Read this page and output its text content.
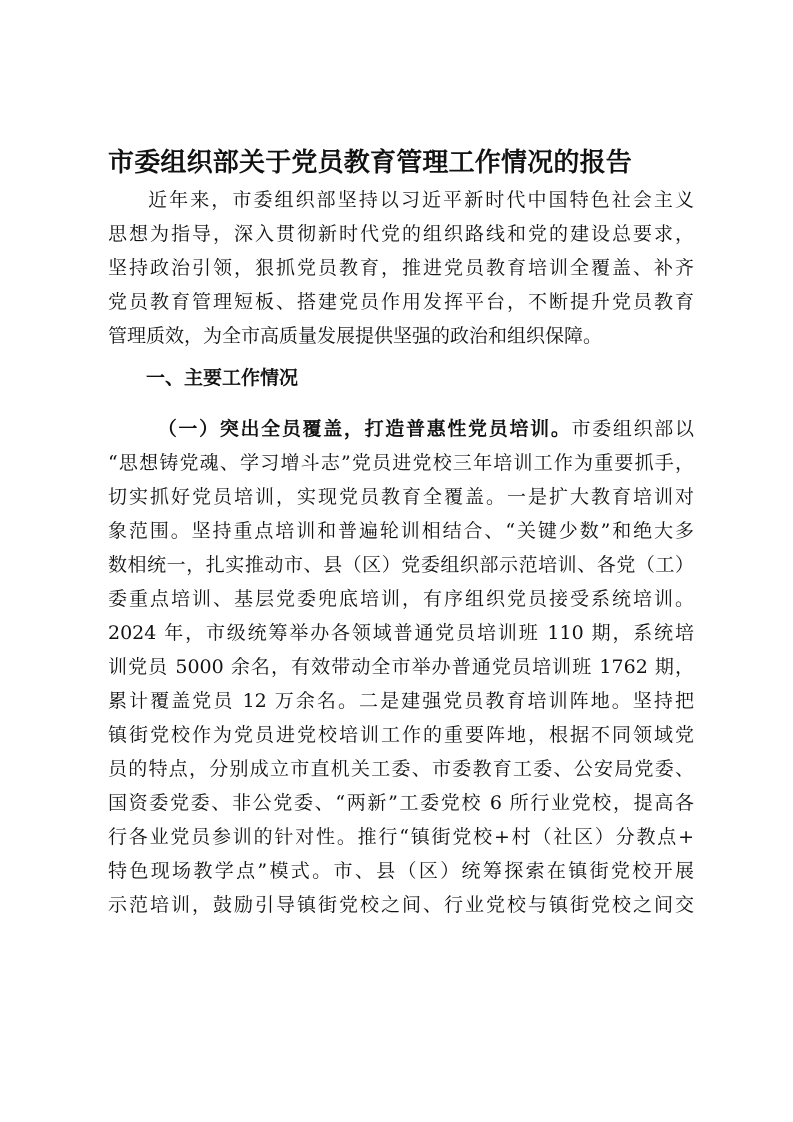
市委组织部关于党员教育管理工作情况的报告
近年来，市委组织部坚持以习近平新时代中国特色社会主义
思想为指导，深入贯彻新时代党的组织路线和党的建设总要求，
坚持政治引领，狠抓党员教育，推进党员教育培训全覆盖、补齐
党员教育管理短板、搭建党员作用发挥平台，不断提升党员教育
管理质效，为全市高质量发展提供坚强的政治和组织保障。
一、主要工作情况
（一）突出全员覆盖，打造普惠性党员培训。市委组织部以
“思想铸党魂、学习增斗志”党员进党校三年培训工作为重要抓手，
切实抓好党员培训，实现党员教育全覆盖。一是扩大教育培训对
象范围。坚持重点培训和普遍轮训相结合、“关键少数”和绝大多
数相统一，扎实推动市、县（区）党委组织部示范培训、各党（工）
委重点培训、基层党委兜底培训，有序组织党员接受系统培训。
2024 年，市级统筹举办各领域普通党员培训班 110 期，系统培
训党员 5000 余名，有效带动全市举办普通党员培训班 1762 期，
累计覆盖党员 12 万余名。二是建强党员教育培训阵地。坚持把
镇街党校作为党员进党校培训工作的重要阵地，根据不同领域党
员的特点，分别成立市直机关工委、市委教育工委、公安局党委、
国资委党委、非公党委、“两新”工委党校 6 所行业党校，提高各
行各业党员参训的针对性。推行“镇街党校+村（社区）分教点+
特色现场教学点”模式。市、县（区）统筹探索在镇街党校开展
示范培训，鼓励引导镇街党校之间、行业党校与镇街党校之间交
